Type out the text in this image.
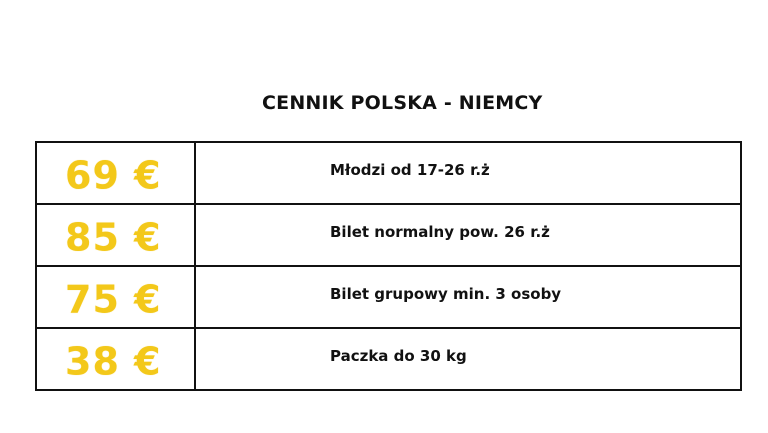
CENNIK POLSKA - NIEMCY
69 €	Młodzi od 17-26 r.ż

85 €	Bilet normalny pow. 26 r.ż

75 €	Bilet grupowy min. 3 osoby

38 €	Paczka do 30 kg
